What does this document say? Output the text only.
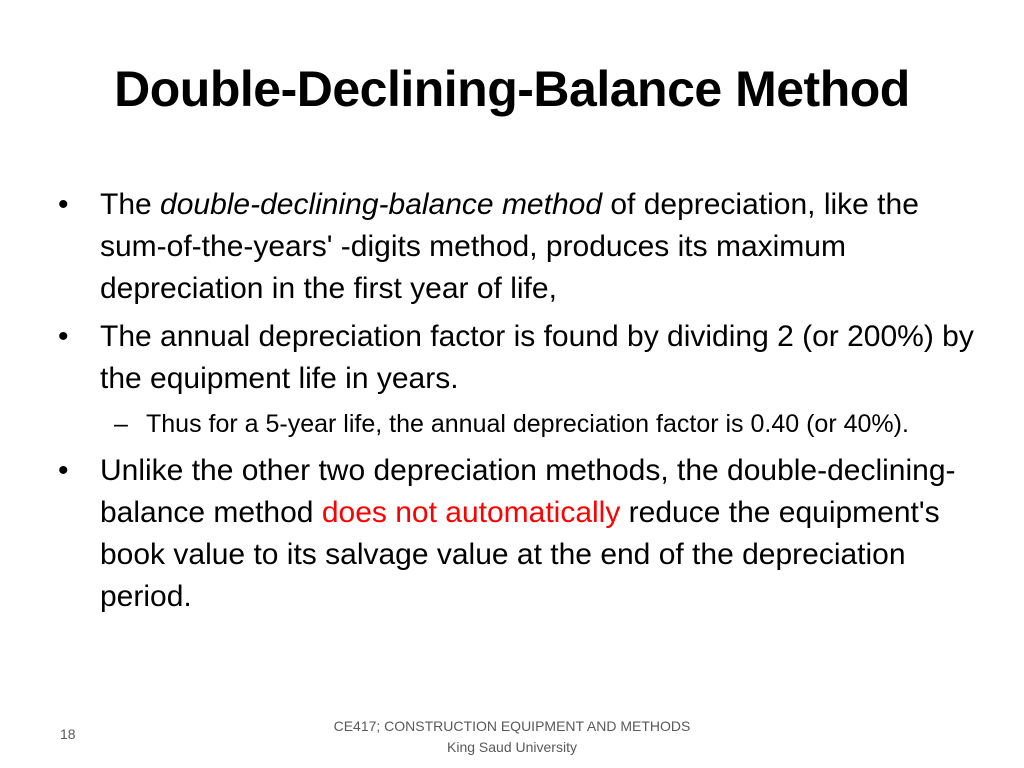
Double-Declining-Balance Method

• The double-declining-balance method of depreciation, like the sum-of-the-years' -digits method, produces its maximum depreciation in the first year of life,

• The annual depreciation factor is found by dividing 2 (or 200%) by the equipment life in years.

– Thus for a 5-year life, the annual depreciation factor is 0.40 (or 40%).

• Unlike the other two depreciation methods, the double-declining-balance method does not automatically reduce the equipment's book value to its salvage value at the end of the depreciation period.

18	CE417; CONSTRUCTION EQUIPMENT AND METHODS
King Saud University
